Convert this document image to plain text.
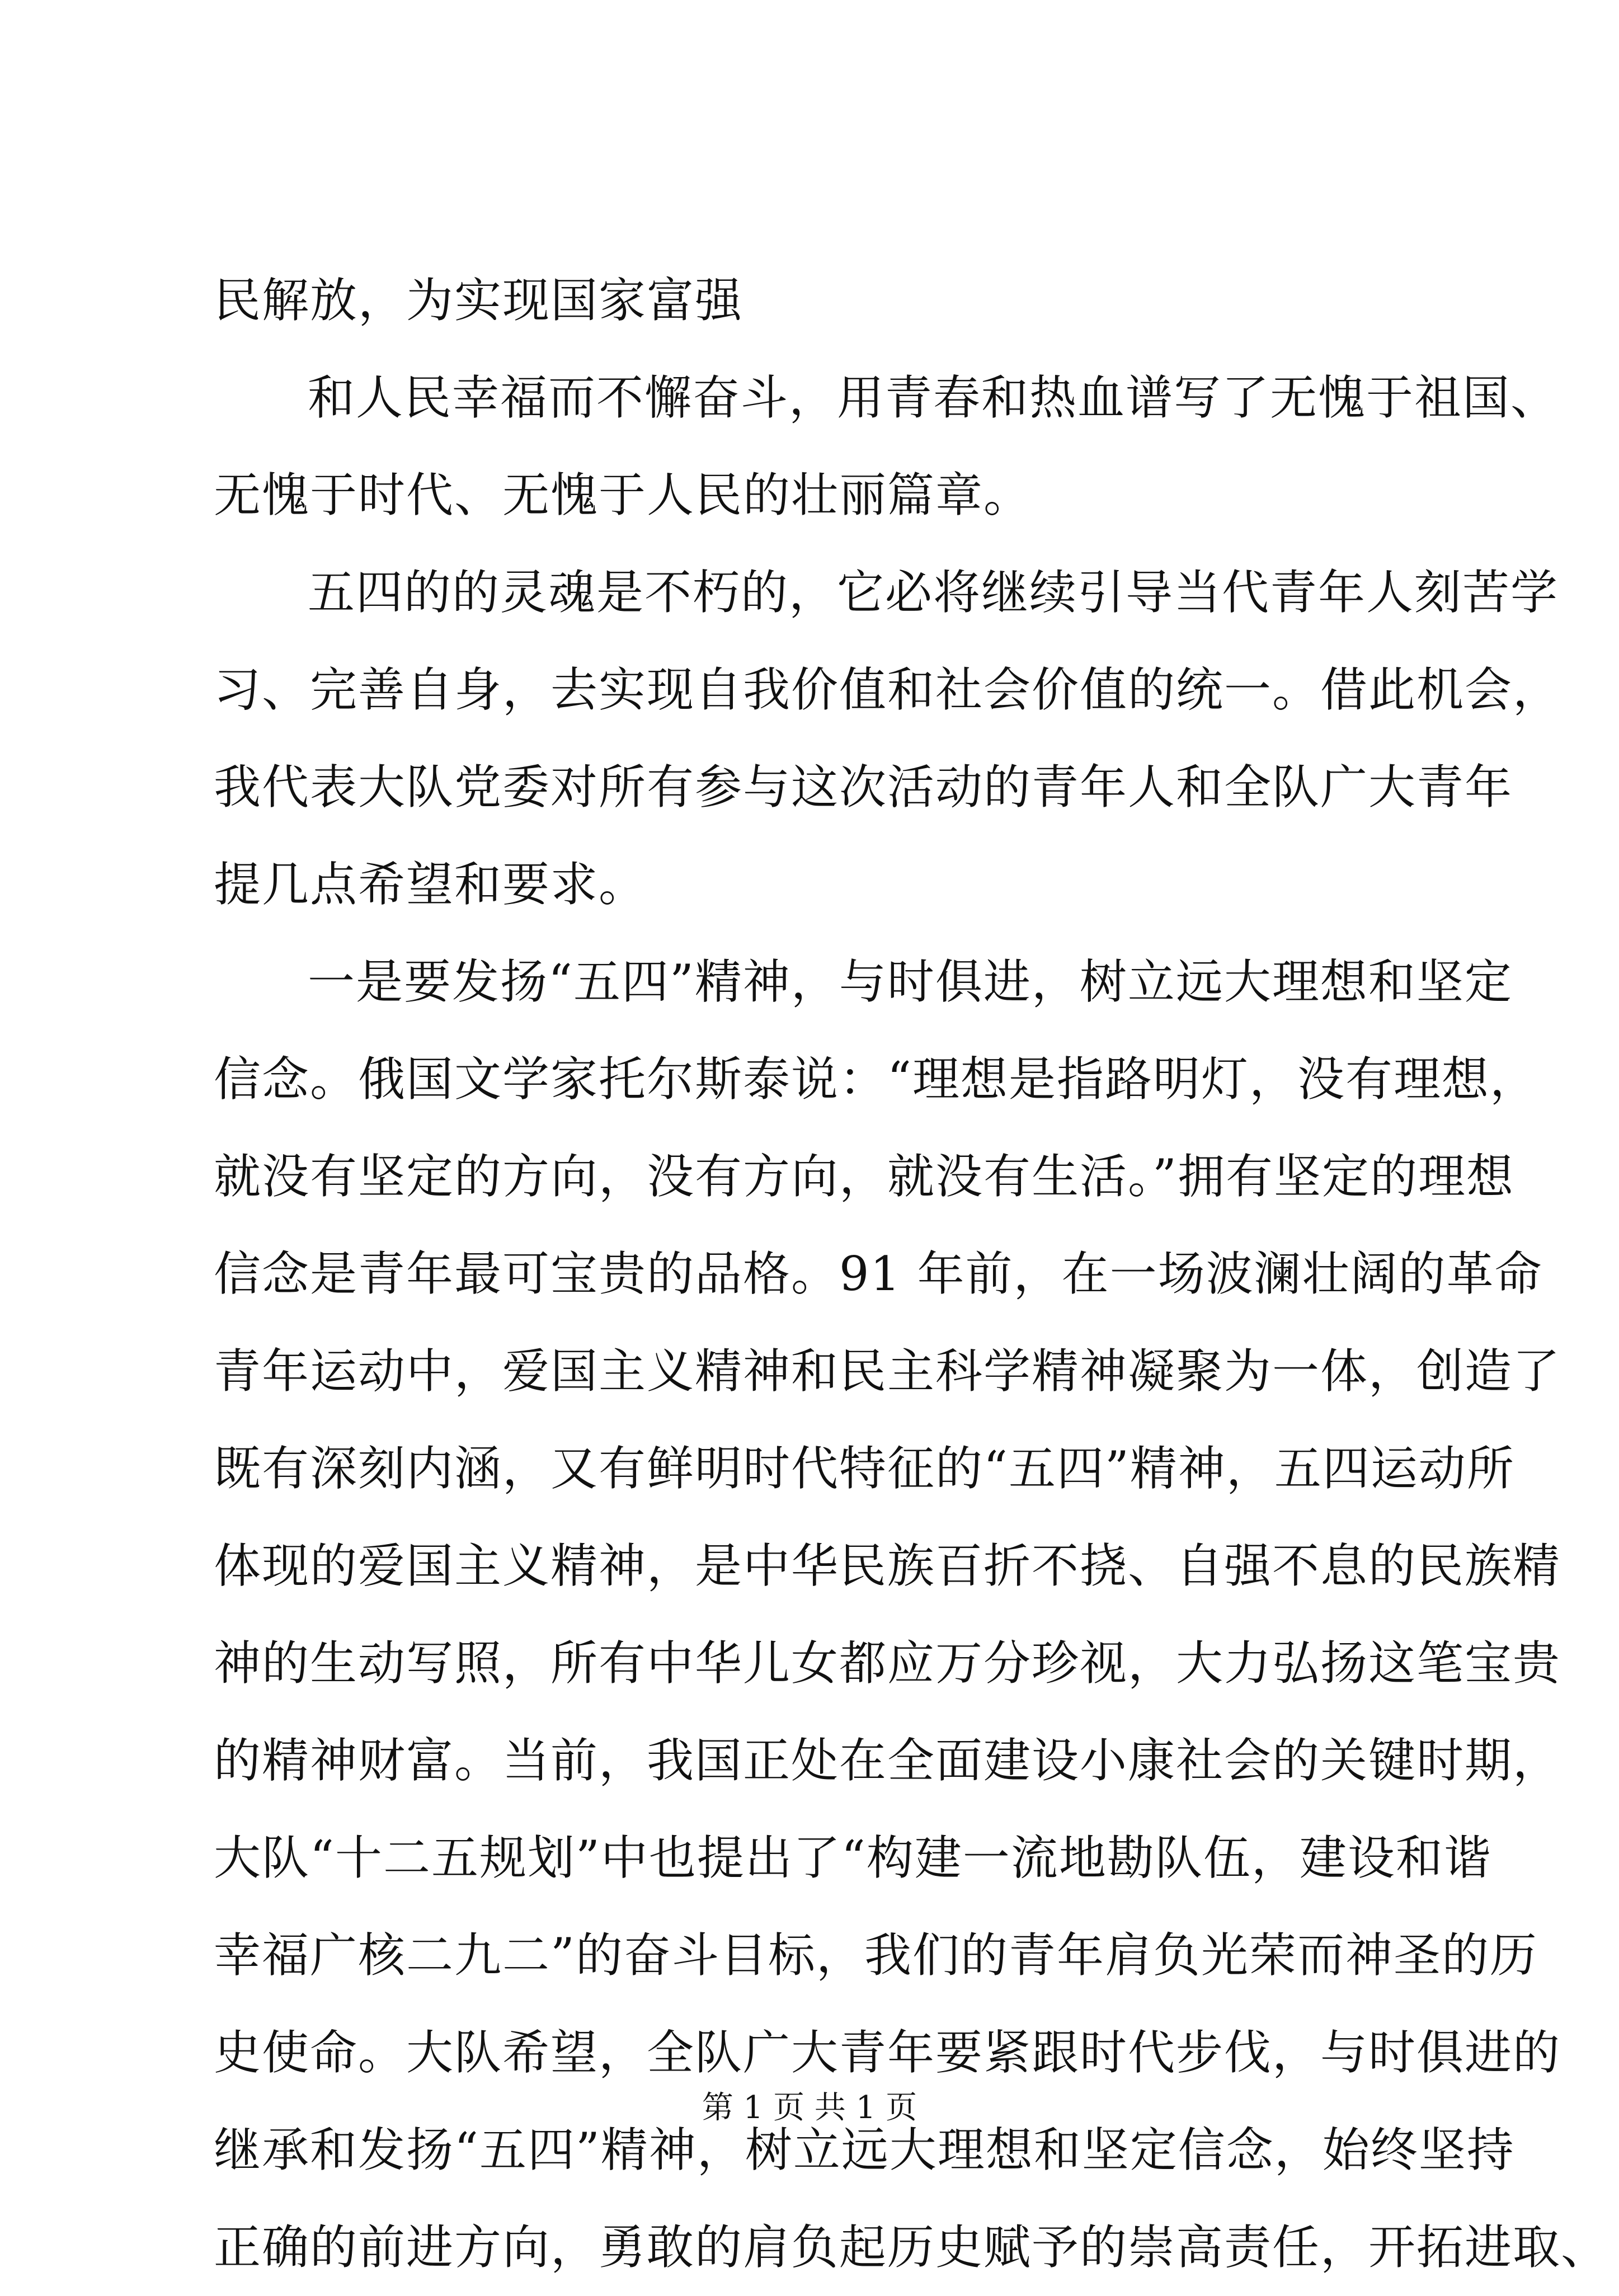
民解放，为实现国家富强
和人民幸福而不懈奋斗，用青春和热血谱写了无愧于祖国、
无愧于时代、无愧于人民的壮丽篇章。
五四的的灵魂是不朽的，它必将继续引导当代青年人刻苦学
习、完善自身，去实现自我价值和社会价值的统一。借此机会，
我代表大队党委对所有参与这次活动的青年人和全队广大青年
提几点希望和要求。
一是要发扬“五四”精神，与时俱进，树立远大理想和坚定
信念。俄国文学家托尔斯泰说：“理想是指路明灯，没有理想，
就没有坚定的方向，没有方向，就没有生活。”拥有坚定的理想
信念是青年最可宝贵的品格。91 年前，在一场波澜壮阔的革命
青年运动中，爱国主义精神和民主科学精神凝聚为一体，创造了
既有深刻内涵，又有鲜明时代特征的“五四”精神，五四运动所
体现的爱国主义精神，是中华民族百折不挠、自强不息的民族精
神的生动写照，所有中华儿女都应万分珍视，大力弘扬这笔宝贵
的精神财富。当前，我国正处在全面建设小康社会的关键时期，
大队“十二五规划”中也提出了“构建一流地勘队伍，建设和谐
幸福广核二九二”的奋斗目标，我们的青年肩负光荣而神圣的历
史使命。大队希望，全队广大青年要紧跟时代步伐，与时俱进的
继承和发扬“五四”精神，树立远大理想和坚定信念，始终坚持
正确的前进方向，勇敢的肩负起历史赋予的崇高责任，开拓进取、
第 1 页 共 1 页
